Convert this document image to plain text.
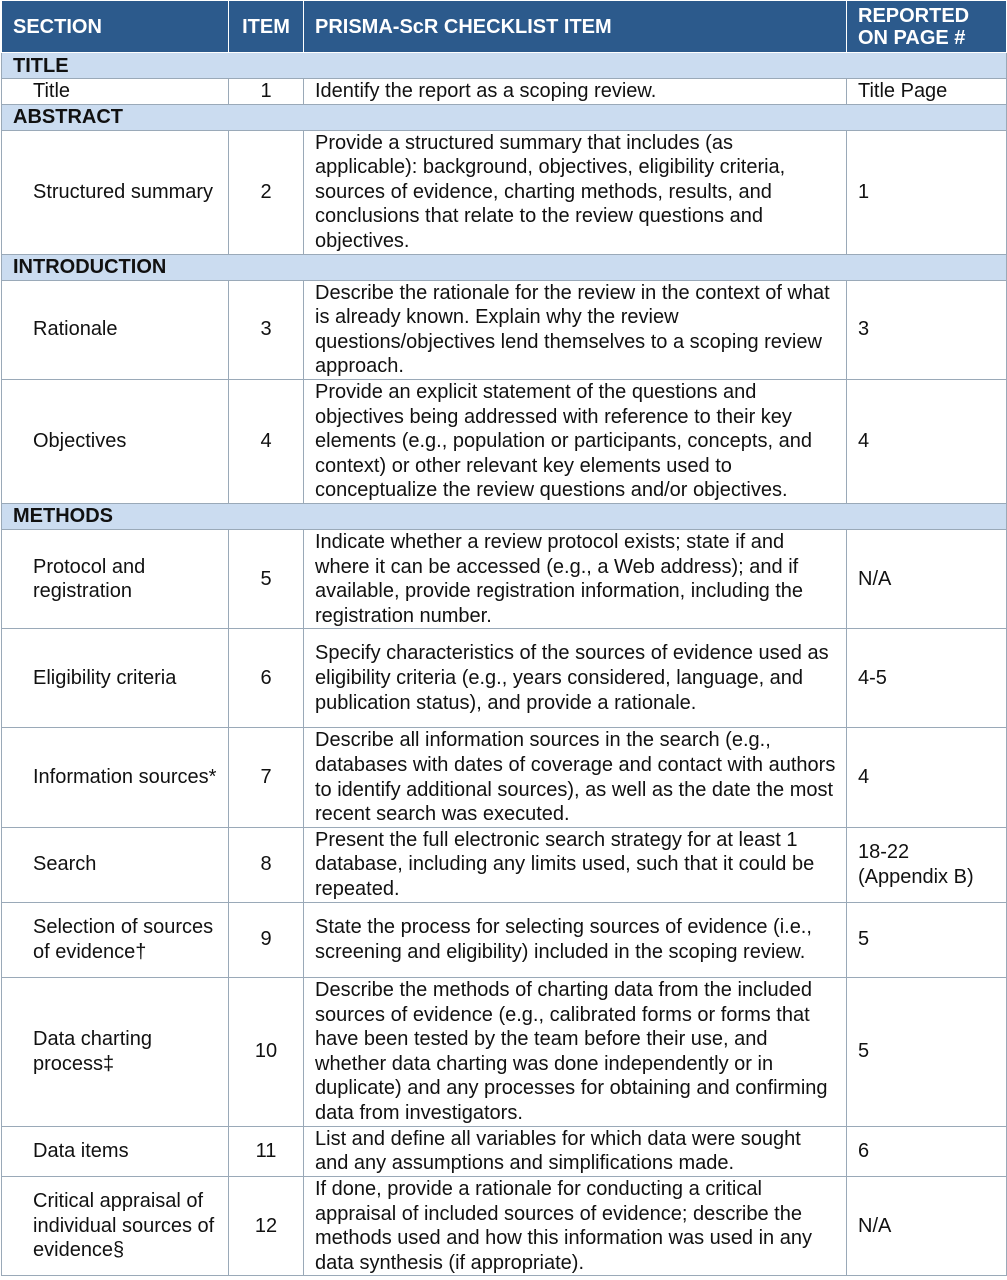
SECTION	ITEM	PRISMA-ScR CHECKLIST ITEM	REPORTED ON PAGE #
TITLE			
Title	1	Identify the report as a scoping review.	Title Page
ABSTRACT			
Structured summary	2	Provide a structured summary that includes (as applicable): background, objectives, eligibility criteria, sources of evidence, charting methods, results, and conclusions that relate to the review questions and objectives.	1
INTRODUCTION			
Rationale	3	Describe the rationale for the review in the context of what is already known. Explain why the review questions/objectives lend themselves to a scoping review approach.	3
Objectives	4	Provide an explicit statement of the questions and objectives being addressed with reference to their key elements (e.g., population or participants, concepts, and context) or other relevant key elements used to conceptualize the review questions and/or objectives.	4
METHODS			
Protocol and registration	5	Indicate whether a review protocol exists; state if and where it can be accessed (e.g., a Web address); and if available, provide registration information, including the registration number.	N/A
Eligibility criteria	6	Specify characteristics of the sources of evidence used as eligibility criteria (e.g., years considered, language, and publication status), and provide a rationale.	4-5
Information sources*	7	Describe all information sources in the search (e.g., databases with dates of coverage and contact with authors to identify additional sources), as well as the date the most recent search was executed.	4
Search	8	Present the full electronic search strategy for at least 1 database, including any limits used, such that it could be repeated.	18-22 (Appendix B)
Selection of sources of evidence†	9	State the process for selecting sources of evidence (i.e., screening and eligibility) included in the scoping review.	5
Data charting process‡	10	Describe the methods of charting data from the included sources of evidence (e.g., calibrated forms or forms that have been tested by the team before their use, and whether data charting was done independently or in duplicate) and any processes for obtaining and confirming data from investigators.	5
Data items	11	List and define all variables for which data were sought and any assumptions and simplifications made.	6
Critical appraisal of individual sources of evidence§	12	If done, provide a rationale for conducting a critical appraisal of included sources of evidence; describe the methods used and how this information was used in any data synthesis (if appropriate).	N/A
